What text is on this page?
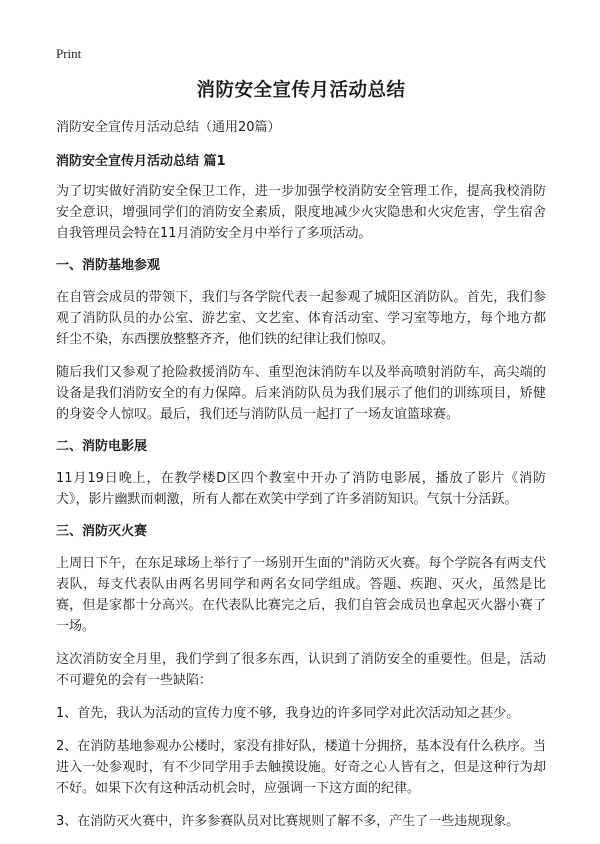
Print
消防安全宣传月活动总结

消防安全宣传月活动总结（通用20篇）

消防安全宣传月活动总结 篇1

为了切实做好消防安全保卫工作，进一步加强学校消防安全管理工作，提高我校消防安全意识，增强同学们的消防安全素质，限度地减少火灾隐患和火灾危害，学生宿舍自我管理员会特在11月消防安全月中举行了多项活动。

一、消防基地参观

在自管会成员的带领下，我们与各学院代表一起参观了城阳区消防队。首先，我们参观了消防队员的办公室、游艺室、文艺室、体育活动室、学习室等地方，每个地方都纤尘不染，东西摆放整整齐齐，他们铁的纪律让我们惊叹。

随后我们又参观了抢险救援消防车、重型泡沫消防车以及举高喷射消防车，高尖端的设备是我们消防安全的有力保障。后来消防队员为我们展示了他们的训练项目，矫健的身姿令人惊叹。最后，我们还与消防队员一起打了一场友谊篮球赛。

二、消防电影展

11月19日晚上，在教学楼D区四个教室中开办了消防电影展，播放了影片《消防犬》，影片幽默而刺激，所有人都在欢笑中学到了许多消防知识。气氛十分活跃。

三、消防灭火赛

上周日下午，在东足球场上举行了一场别开生面的"消防灭火赛。每个学院各有两支代表队，每支代表队由两名男同学和两名女同学组成。答题、疾跑、灭火，虽然是比赛，但是家都十分高兴。在代表队比赛完之后，我们自管会成员也拿起灭火器小赛了一场。

这次消防安全月里，我们学到了很多东西，认识到了消防安全的重要性。但是，活动不可避免的会有一些缺陷：

1、首先，我认为活动的宣传力度不够，我身边的许多同学对此次活动知之甚少。

2、在消防基地参观办公楼时，家没有排好队，楼道十分拥挤，基本没有什么秩序。当进入一处参观时，有不少同学用手去触摸设施。好奇之心人皆有之，但是这种行为却不好。如果下次有这种活动机会时，应强调一下这方面的纪律。

3、在消防灭火赛中，许多参赛队员对比赛规则了解不多，产生了一些违规现象。
